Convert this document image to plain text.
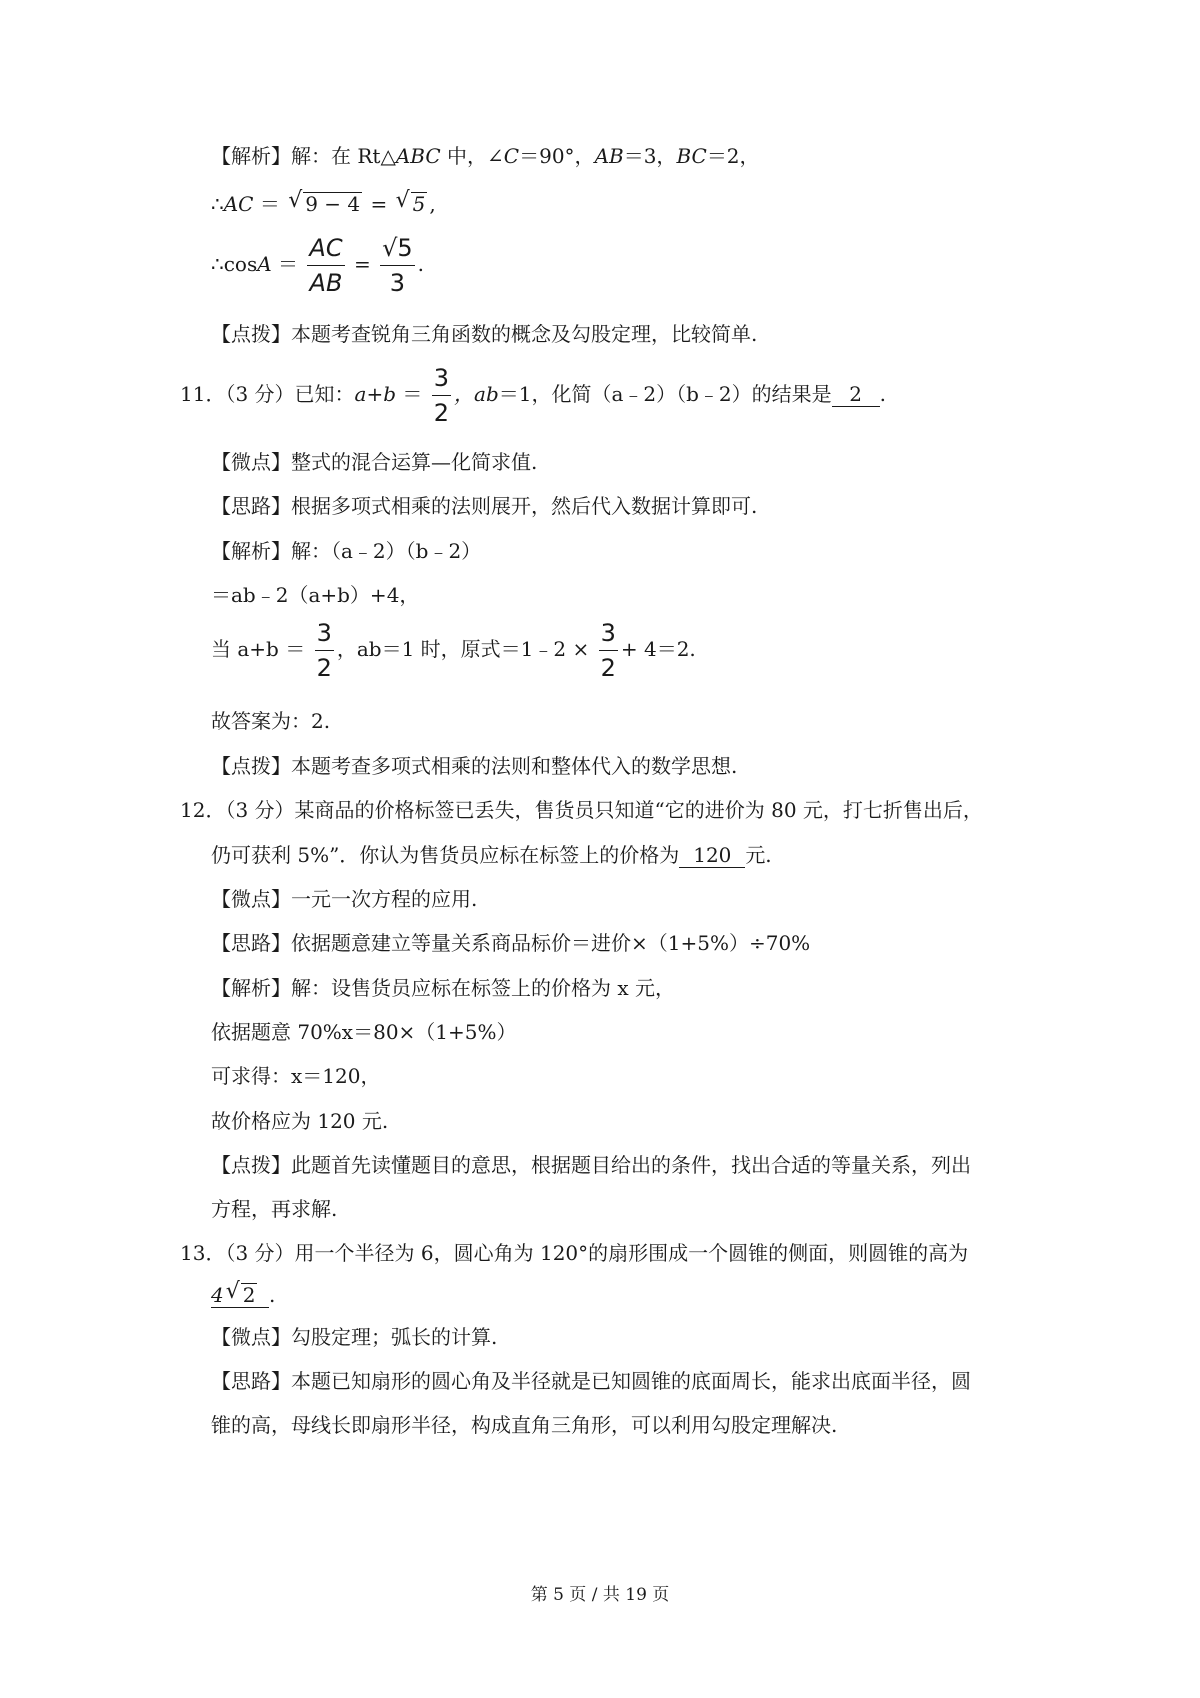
【解析】解：在 Rt△ABC 中，∠C＝90°，AB＝3，BC＝2，
∴AC ＝ √ 9 − 4 = √ 5 ,
∴cosA ＝ $\frac{AC}{AB} = \frac{√5}{3}$ .
【点拨】本题考查锐角三角函数的概念及勾股定理，比较简单.
11．（3 分）已知：$a+b = \frac{3}{2}$ ，ab＝1，化简（a﹣2）（b﹣2）的结果是 2 .
【微点】整式的混合运算—化简求值.
【思路】根据多项式相乘的法则展开，然后代入数据计算即可.
【解析】解：（a﹣2）（b﹣2）
＝ab﹣2（a+b）+4，
当 $a+b = \frac{3}{2}$ ，ab＝1 时，原式＝1﹣2 × $\frac{3}{2} + 4=2$.
故答案为：2.
【点拨】本题考查多项式相乘的法则和整体代入的数学思想.
12．（3 分）某商品的价格标签已丢失，售货员只知道“它的进价为 80 元，打七折售出后，
仍可获利 5%”．你认为售货员应标在标签上的价格为 120 元.
【微点】一元一次方程的应用.
【思路】依据题意建立等量关系商品标价＝进价×（1+5%）÷70%
【解析】解：设售货员应标在标签上的价格为 x 元，
依据题意 70%x＝80×（1+5%）
可求得：x＝120，
故价格应为 120 元.
【点拨】此题首先读懂题目的意思，根据题目给出的条件，找出合适的等量关系，列出
方程，再求解.
13．（3 分）用一个半径为 6，圆心角为 120°的扇形围成一个圆锥的侧面，则圆锥的高为
4 √ 2 .
【微点】勾股定理；弧长的计算.
【思路】本题已知扇形的圆心角及半径就是已知圆锥的底面周长，能求出底面半径，圆
锥的高，母线长即扇形半径，构成直角三角形，可以利用勾股定理解决.
第 5 页 / 共 19 页
